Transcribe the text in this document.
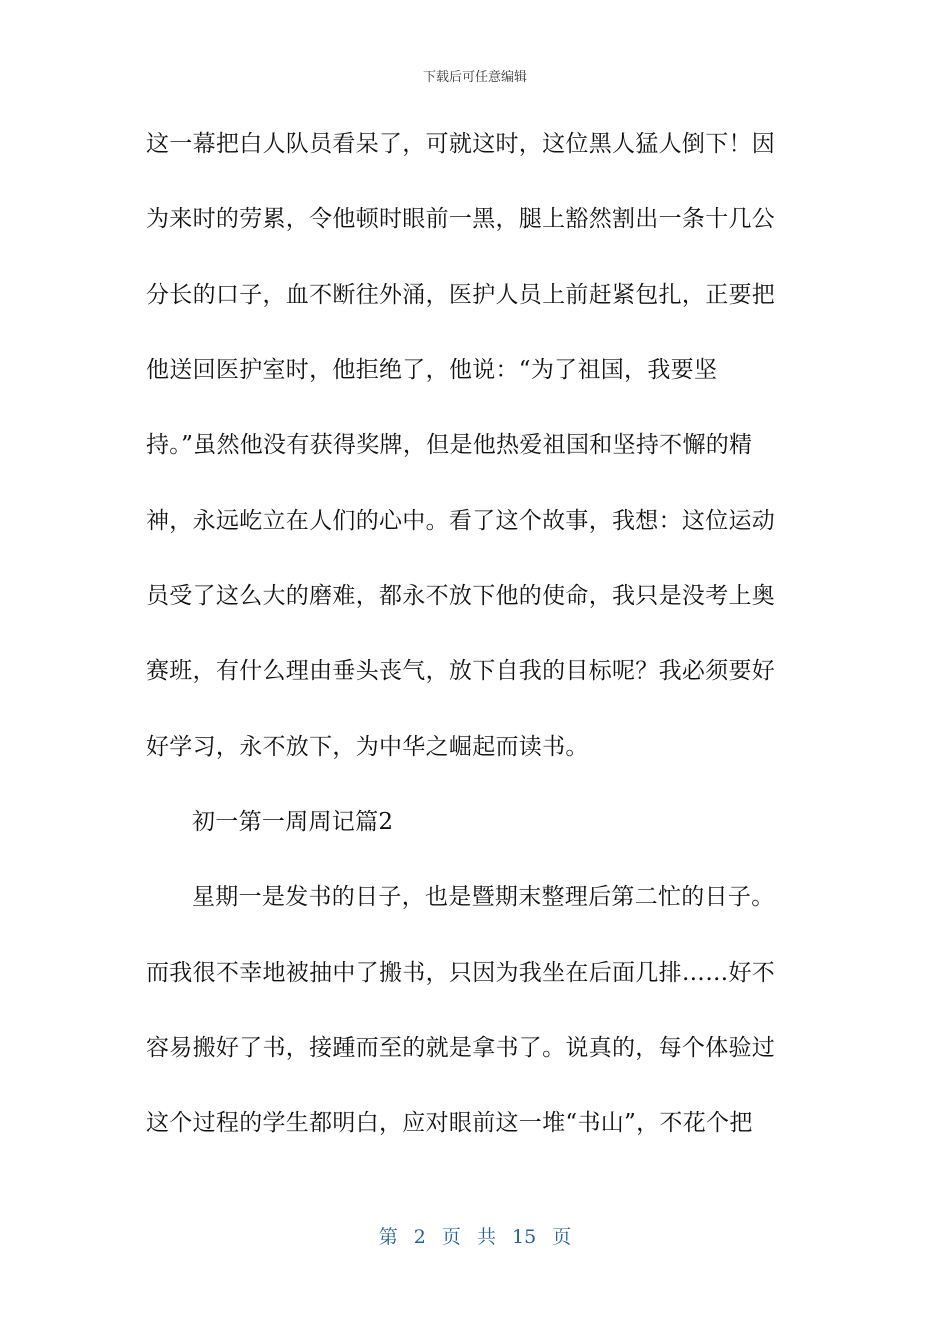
下载后可任意编辑
这一幕把白人队员看呆了，可就这时，这位黑人猛人倒下！因
为来时的劳累，令他顿时眼前一黑，腿上豁然割出一条十几公
分长的口子，血不断往外涌，医护人员上前赶紧包扎，正要把
他送回医护室时，他拒绝了，他说：“为了祖国，我要坚
持。”虽然他没有获得奖牌，但是他热爱祖国和坚持不懈的精
神，永远屹立在人们的心中。看了这个故事，我想：这位运动
员受了这么大的磨难，都永不放下他的使命，我只是没考上奥
赛班，有什么理由垂头丧气，放下自我的目标呢？我必须要好
好学习，永不放下，为中华之崛起而读书。
初一第一周周记篇2
星期一是发书的日子，也是暨期末整理后第二忙的日子。
而我很不幸地被抽中了搬书，只因为我坐在后面几排……好不
容易搬好了书，接踵而至的就是拿书了。说真的，每个体验过
这个过程的学生都明白，应对眼前这一堆“书山”，不花个把
第 2 页 共 15 页
